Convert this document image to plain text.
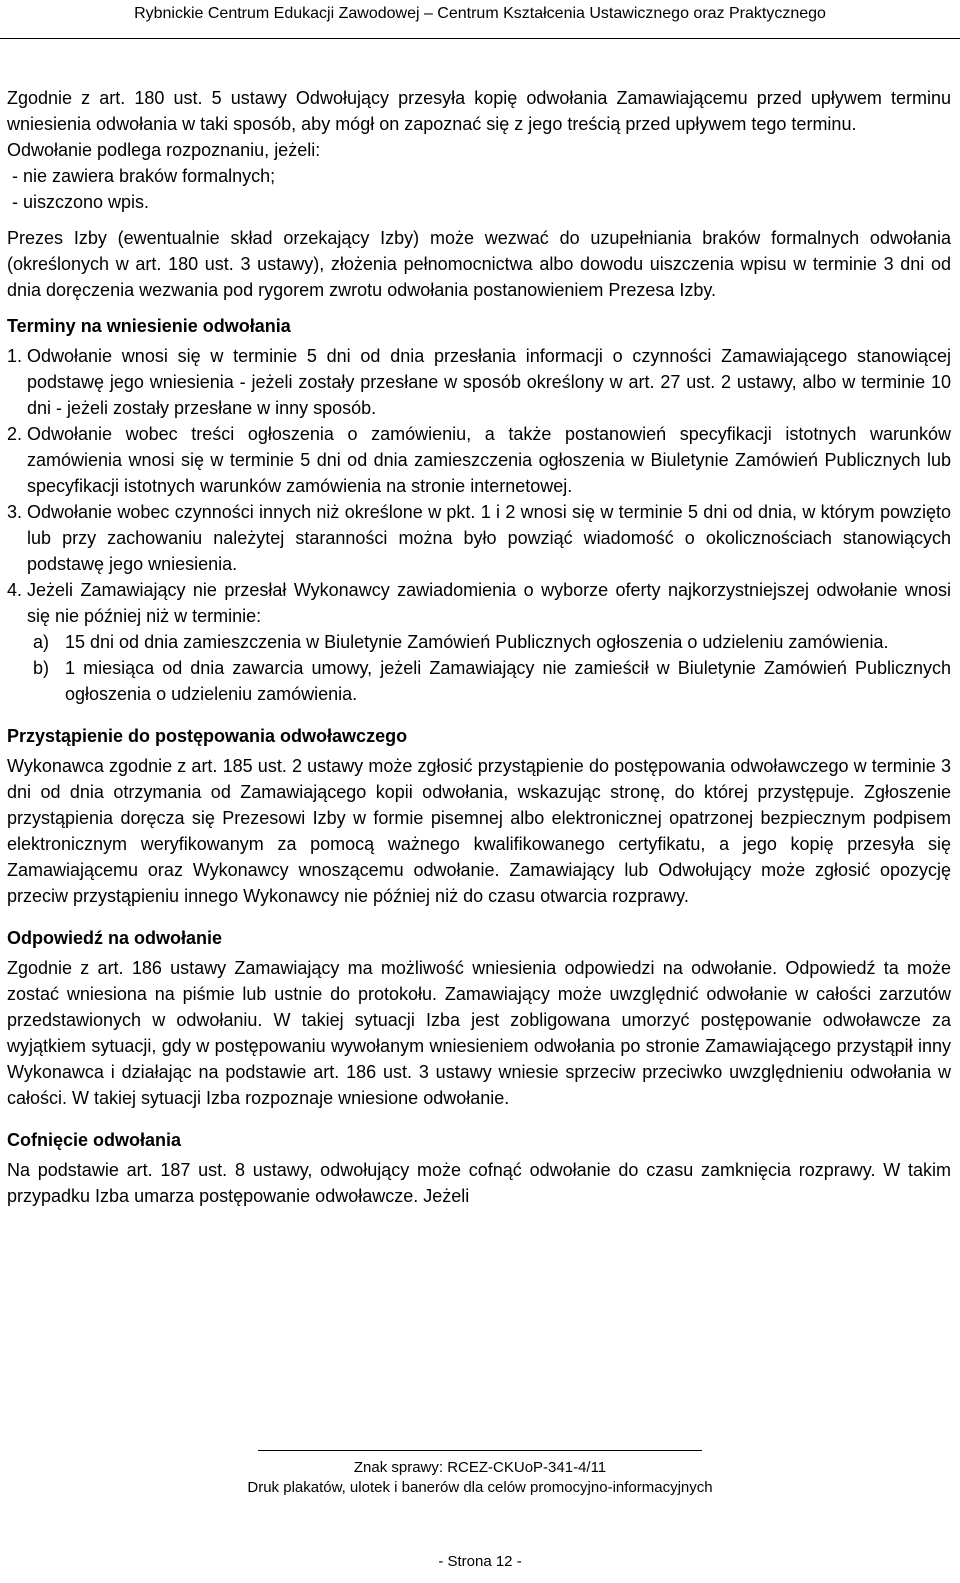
Rybnickie Centrum Edukacji Zawodowej – Centrum Kształcenia Ustawicznego oraz Praktycznego

Zgodnie z art. 180 ust. 5 ustawy Odwołujący przesyła kopię odwołania Zamawiającemu przed upływem terminu wniesienia odwołania w taki sposób, aby mógł on zapoznać się z jego treścią przed upływem tego terminu.

Odwołanie podlega rozpoznaniu, jeżeli:

- nie zawiera braków formalnych;

- uiszczono wpis.

Prezes Izby (ewentualnie skład orzekający Izby) może wezwać do uzupełniania braków formalnych odwołania (określonych w art. 180 ust. 3 ustawy), złożenia pełnomocnictwa albo dowodu uiszczenia wpisu w terminie 3 dni od dnia doręczenia wezwania pod rygorem zwrotu odwołania postanowieniem Prezesa Izby.

Terminy na wniesienie odwołania
1. Odwołanie wnosi się w terminie 5 dni od dnia przesłania informacji o czynności Zamawiającego stanowiącej podstawę jego wniesienia - jeżeli zostały przesłane w sposób określony w art. 27 ust. 2 ustawy, albo w terminie 10 dni - jeżeli zostały przesłane w inny sposób.
2. Odwołanie wobec treści ogłoszenia o zamówieniu, a także postanowień specyfikacji istotnych warunków zamówienia wnosi się w terminie 5 dni od dnia zamieszczenia ogłoszenia w Biuletynie Zamówień Publicznych lub specyfikacji istotnych warunków zamówienia na stronie internetowej.
3. Odwołanie wobec czynności innych niż określone w pkt. 1 i 2 wnosi się w terminie 5 dni od dnia, w którym powzięto lub przy zachowaniu należytej staranności można było powziąć wiadomość o okolicznościach stanowiących podstawę jego wniesienia.
4. Jeżeli Zamawiający nie przesłał Wykonawcy zawiadomienia o wyborze oferty najkorzystniejszej odwołanie wnosi się nie później niż w terminie:
a) 15 dni od dnia zamieszczenia w Biuletynie Zamówień Publicznych ogłoszenia o udzieleniu zamówienia.
b) 1 miesiąca od dnia zawarcia umowy, jeżeli Zamawiający nie zamieścił w Biuletynie Zamówień Publicznych ogłoszenia o udzieleniu zamówienia.
Przystąpienie do postępowania odwoławczego

Wykonawca zgodnie z art. 185 ust. 2 ustawy może zgłosić przystąpienie do postępowania odwoławczego w terminie 3 dni od dnia otrzymania od Zamawiającego kopii odwołania, wskazując stronę, do której przystępuje. Zgłoszenie przystąpienia doręcza się Prezesowi Izby w formie pisemnej albo elektronicznej opatrzonej bezpiecznym podpisem elektronicznym weryfikowanym za pomocą ważnego kwalifikowanego certyfikatu, a jego kopię przesyła się Zamawiającemu oraz Wykonawcy wnoszącemu odwołanie. Zamawiający lub Odwołujący może zgłosić opozycję przeciw przystąpieniu innego Wykonawcy nie później niż do czasu otwarcia rozprawy.

Odpowiedź na odwołanie

Zgodnie z art. 186 ustawy Zamawiający ma możliwość wniesienia odpowiedzi na odwołanie. Odpowiedź ta może zostać wniesiona na piśmie lub ustnie do protokołu. Zamawiający może uwzględnić odwołanie w całości zarzutów przedstawionych w odwołaniu. W takiej sytuacji Izba jest zobligowana umorzyć postępowanie odwoławcze za wyjątkiem sytuacji, gdy w postępowaniu wywołanym wniesieniem odwołania po stronie Zamawiającego przystąpił inny Wykonawca i działając na podstawie art. 186 ust. 3 ustawy wniesie sprzeciw przeciwko uwzględnieniu odwołania w całości. W takiej sytuacji Izba rozpoznaje wniesione odwołanie.

Cofnięcie odwołania

Na podstawie art. 187 ust. 8 ustawy, odwołujący może cofnąć odwołanie do czasu zamknięcia rozprawy. W takim przypadku Izba umarza postępowanie odwoławcze. Jeżeli

Znak sprawy: RCEZ-CKUoP-341-4/11
Druk plakatów, ulotek i banerów dla celów promocyjno-informacyjnych
- Strona 12 -
